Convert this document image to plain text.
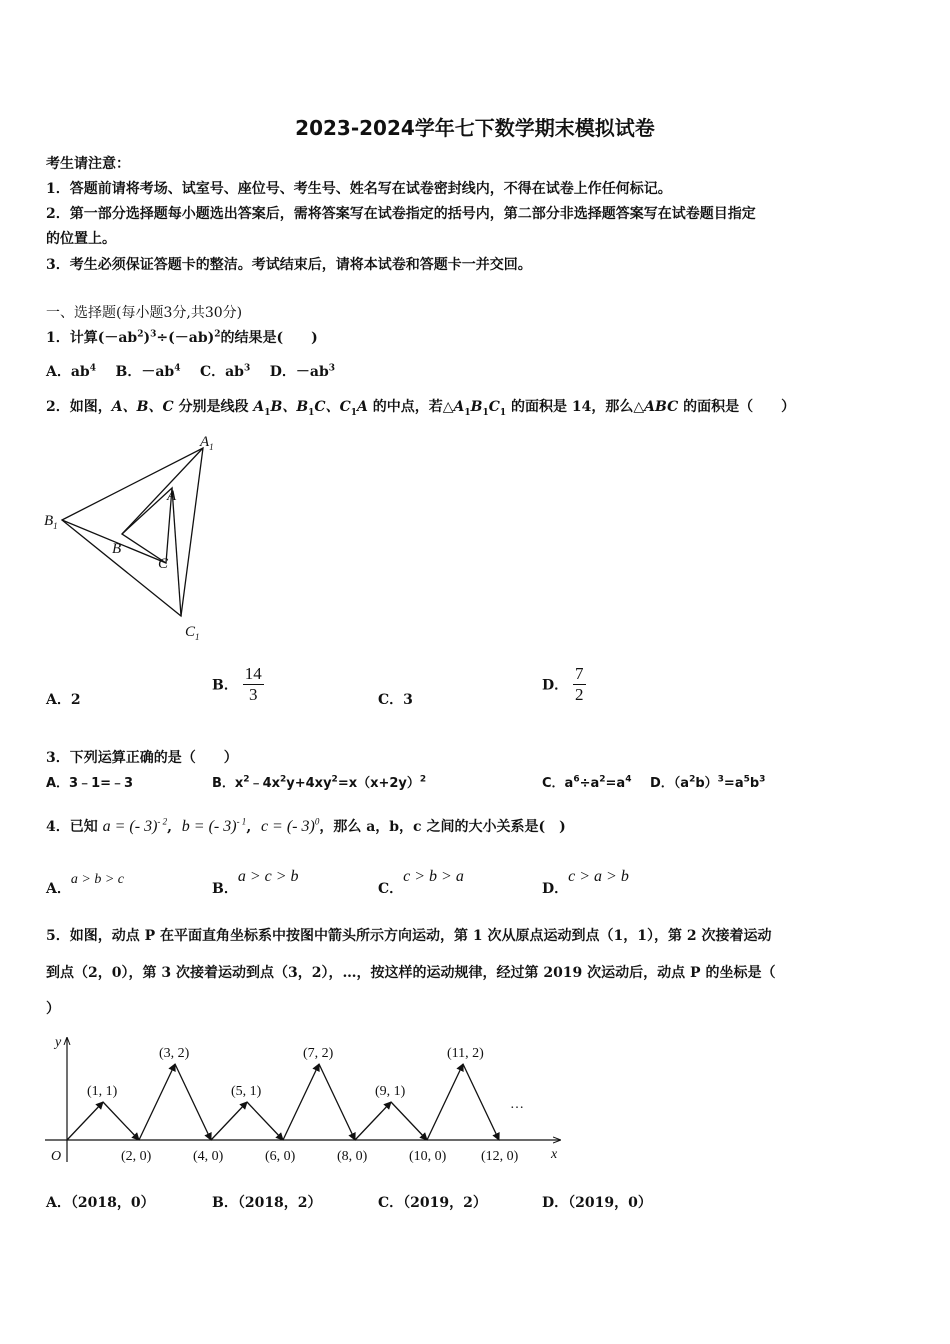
2023-2024学年七下数学期末模拟试卷
考生请注意：
1．答题前请将考场、试室号、座位号、考生号、姓名写在试卷密封线内，不得在试卷上作任何标记。
2．第一部分选择题每小题选出答案后，需将答案写在试卷指定的括号内，第二部分非选择题答案写在试卷题目指定
的位置上。
3．考生必须保证答题卡的整洁。考试结束后，请将本试卷和答题卡一并交回。
一、选择题(每小题3分,共30分)
1．计算$(-ab^2)^3\div(-ab)^2$的结果是(　　)
A．$ab^4$ B．$-ab^4$ C．$ab^3$ D．$-ab^3$
2．如图，A、B、C 分别是线段 $A_1B$、$B_1C$、$C_1A$ 的中点，若$\triangle A_1B_1C_1$ 的面积是 14，那么△ABC 的面积是（　　）
$A_1$
$B_1$
$C_1$
A
B
C
A．2
B． $\frac{14}{3}$	C．3
D． $\frac{7}{2}$
3．下列运算正确的是（　　）
A．3﹣1=﹣3	B．$x^2﹣4x^2y+4xy^2=x(x+2y)^2$	C．$a^6\div a^2=a^4$ D．$(a^2b)^3=a^5b^3$
4．已知 a = (- 3)$^{- 2}$,  b = (- 3)$^{- 1}$,  c = (- 3)$^0$，那么 a，b，c 之间的大小关系是(　)
A．a > b > c
B．a > c > b
C．c > b > a
D．c > a > b
5．如图，动点 P 在平面直角坐标系中按图中箭头所示方向运动，第 1 次从原点运动到点（1，1），第 2 次接着运动
到点（2，0），第 3 次接着运动到点（3，2），…，按这样的运动规律，经过第 2019 次运动后，动点 P 的坐标是（
）
y
x
O
…
(1, 1)
(2, 0)
(3, 2)
(4, 0)
(5, 1)
(6, 0)
(7, 2)
(8, 0)
(9, 1)
(10, 0)
(11, 2)
(12, 0)
A．（2018，0）	B．（2018，2）	C．（2019，2）	D．（2019，0）
